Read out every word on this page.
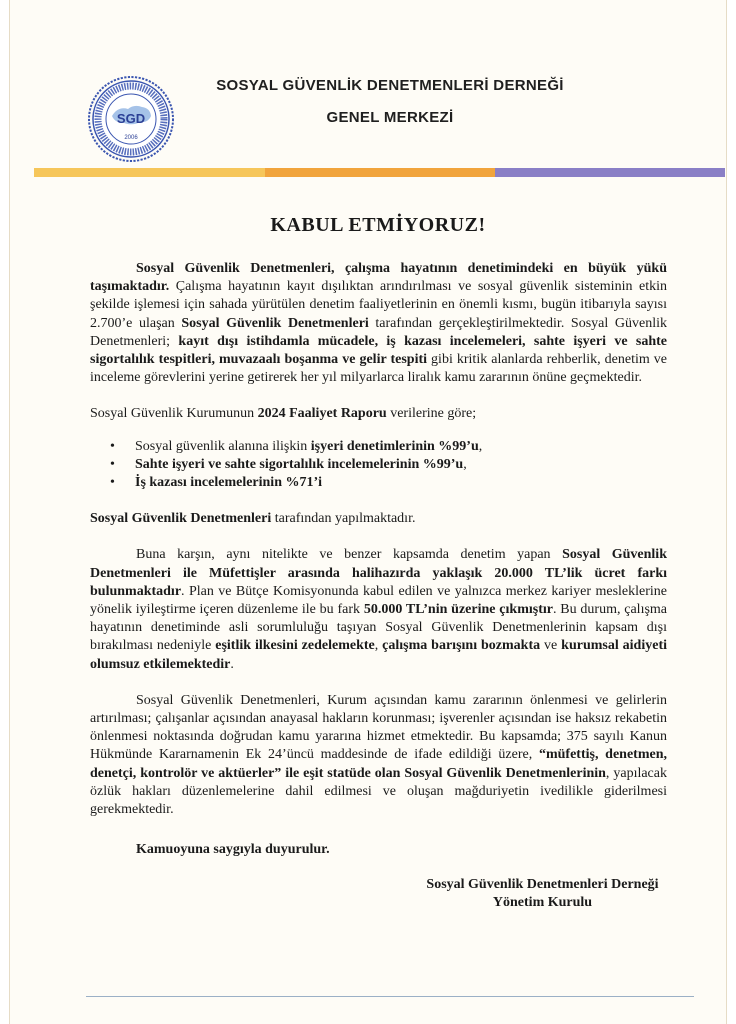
SGD
2006
SOSYAL GÜVENLİK DENETMENLERİ DERNEĞİ
GENEL MERKEZİ
KABUL ETMİYORUZ!

Sosyal Güvenlik Denetmenleri, çalışma hayatının denetimindeki en büyük yükü taşımaktadır. Çalışma hayatının kayıt dışılıktan arındırılması ve sosyal güvenlik sisteminin etkin şekilde işlemesi için sahada yürütülen denetim faaliyetlerinin en önemli kısmı, bugün itibarıyla sayısı 2.700’e ulaşan Sosyal Güvenlik Denetmenleri tarafından gerçekleştirilmektedir. Sosyal Güvenlik Denetmenleri; kayıt dışı istihdamla mücadele, iş kazası incelemeleri, sahte işyeri ve sahte sigortalılık tespitleri, muvazaalı boşanma ve gelir tespiti gibi kritik alanlarda rehberlik, denetim ve inceleme görevlerini yerine getirerek her yıl milyarlarca liralık kamu zararının önüne geçmektedir.

Sosyal Güvenlik Kurumunun 2024 Faaliyet Raporu verilerine göre;

• Sosyal güvenlik alanına ilişkin işyeri denetimlerinin %99’u,
• Sahte işyeri ve sahte sigortalılık incelemelerinin %99’u,
• İş kazası incelemelerinin %71’i

Sosyal Güvenlik Denetmenleri tarafından yapılmaktadır.

Buna karşın, aynı nitelikte ve benzer kapsamda denetim yapan Sosyal Güvenlik Denetmenleri ile Müfettişler arasında halihazırda yaklaşık 20.000 TL’lik ücret farkı bulunmaktadır. Plan ve Bütçe Komisyonunda kabul edilen ve yalnızca merkez kariyer mesleklerine yönelik iyileştirme içeren düzenleme ile bu fark 50.000 TL’nin üzerine çıkmıştır. Bu durum, çalışma hayatının denetiminde asli sorumluluğu taşıyan Sosyal Güvenlik Denetmenlerinin kapsam dışı bırakılması nedeniyle eşitlik ilkesini zedelemekte, çalışma barışını bozmakta ve kurumsal aidiyeti olumsuz etkilemektedir.

Sosyal Güvenlik Denetmenleri, Kurum açısından kamu zararının önlenmesi ve gelirlerin artırılması; çalışanlar açısından anayasal hakların korunması; işverenler açısından ise haksız rekabetin önlenmesi noktasında doğrudan kamu yararına hizmet etmektedir. Bu kapsamda; 375 sayılı Kanun Hükmünde Kararnamenin Ek 24’üncü maddesinde de ifade edildiği üzere, “müfettiş, denetmen, denetçi, kontrolör ve aktüerler” ile eşit statüde olan Sosyal Güvenlik Denetmenlerinin, yapılacak özlük hakları düzenlemelerine dahil edilmesi ve oluşan mağduriyetin ivedilikle giderilmesi gerekmektedir.

Kamuoyuna saygıyla duyurulur.

Sosyal Güvenlik Denetmenleri Derneği
Yönetim Kurulu
